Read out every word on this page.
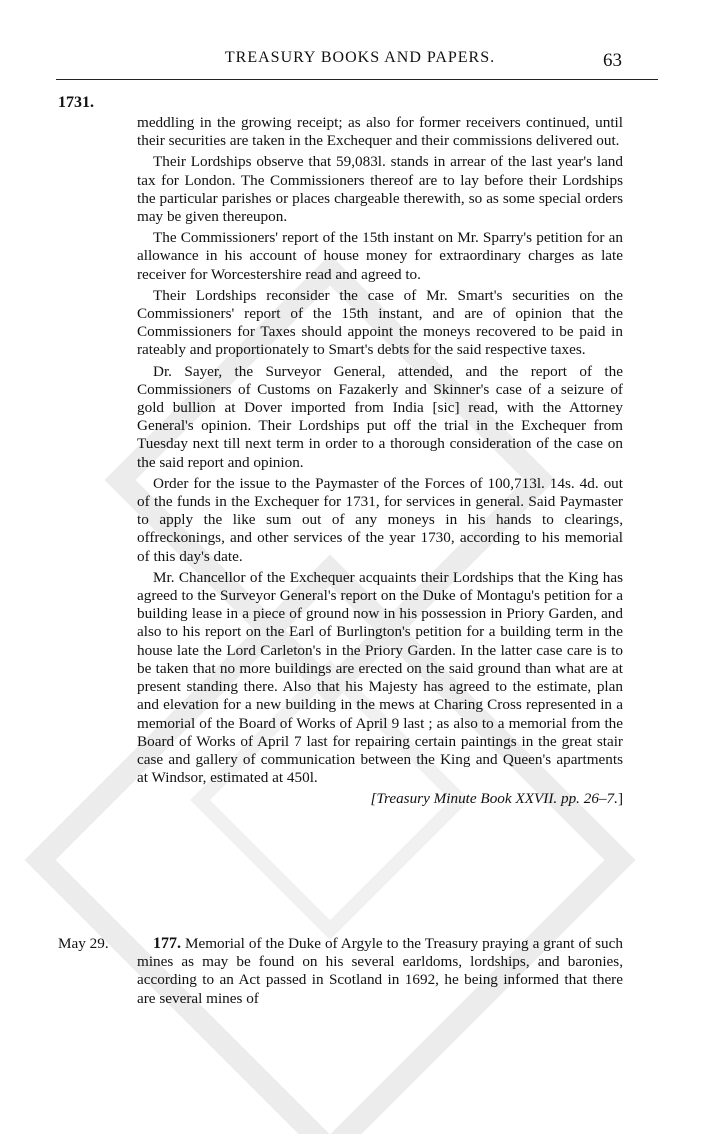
TREASURY BOOKS AND PAPERS.	63
1731.

meddling in the growing receipt; as also for former receivers continued, until their securities are taken in the Exchequer and their commissions delivered out.

Their Lordships observe that 59,083l. stands in arrear of the last year's land tax for London. The Commissioners thereof are to lay before their Lordships the particular parishes or places chargeable therewith, so as some special orders may be given thereupon.

The Commissioners' report of the 15th instant on Mr. Sparry's petition for an allowance in his account of house money for extraordinary charges as late receiver for Worcestershire read and agreed to.

Their Lordships reconsider the case of Mr. Smart's securities on the Commissioners' report of the 15th instant, and are of opinion that the Commissioners for Taxes should appoint the moneys recovered to be paid in rateably and proportionately to Smart's debts for the said respective taxes.

Dr. Sayer, the Surveyor General, attended, and the report of the Commissioners of Customs on Fazakerly and Skinner's case of a seizure of gold bullion at Dover imported from India [sic] read, with the Attorney General's opinion. Their Lordships put off the trial in the Exchequer from Tuesday next till next term in order to a thorough consideration of the case on the said report and opinion.

Order for the issue to the Paymaster of the Forces of 100,713l. 14s. 4d. out of the funds in the Exchequer for 1731, for services in general. Said Paymaster to apply the like sum out of any moneys in his hands to clearings, offreckonings, and other services of the year 1730, according to his memorial of this day's date.

Mr. Chancellor of the Exchequer acquaints their Lordships that the King has agreed to the Surveyor General's report on the Duke of Montagu's petition for a building lease in a piece of ground now in his possession in Priory Garden, and also to his report on the Earl of Burlington's petition for a building term in the house late the Lord Carleton's in the Priory Garden. In the latter case care is to be taken that no more buildings are erected on the said ground than what are at present standing there. Also that his Majesty has agreed to the estimate, plan and elevation for a new building in the mews at Charing Cross represented in a memorial of the Board of Works of April 9 last ; as also to a memorial from the Board of Works of April 7 last for repairing certain paintings in the great stair case and gallery of communication between the King and Queen's apartments at Windsor, estimated at 450l.

[Treasury Minute Book XXVII. pp. 26–7.]

May 29.	177. Memorial of the Duke of Argyle to the Treasury praying a grant of such mines as may be found on his several earldoms, lordships, and baronies, according to an Act passed in Scotland in 1692, he being informed that there are several mines of
